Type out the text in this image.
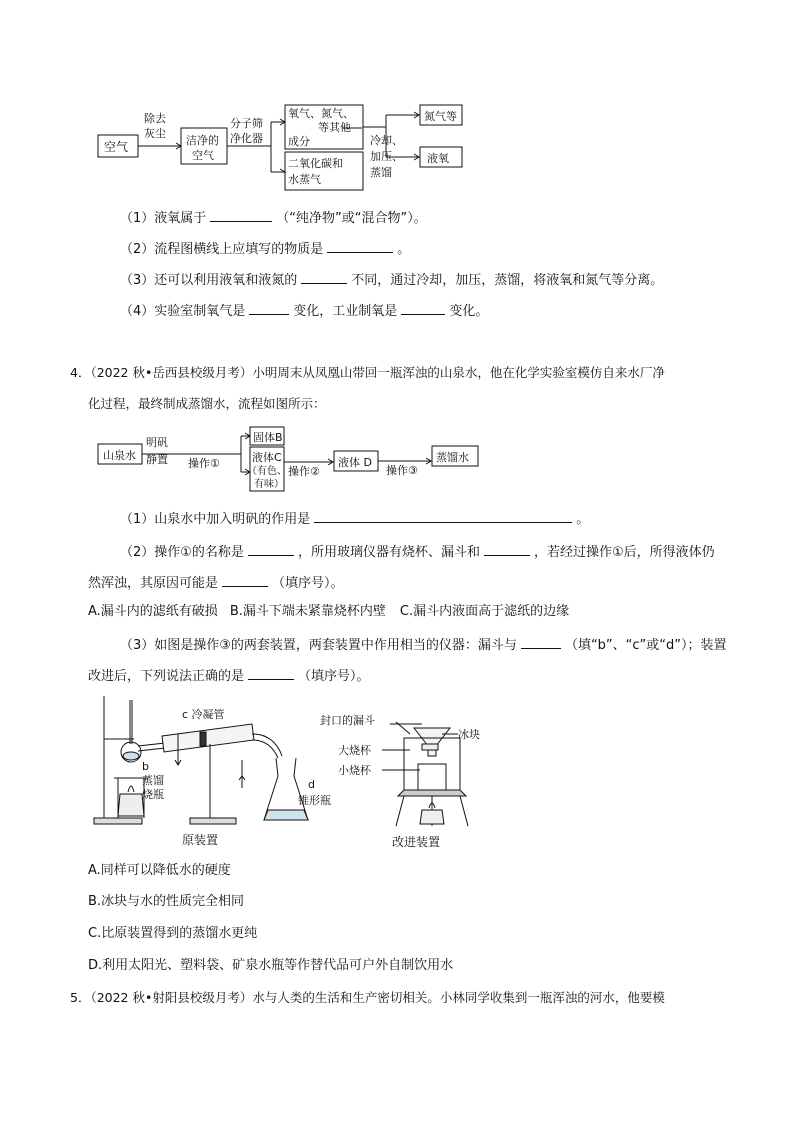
空气
除去
灰尘
洁净的
空气
分子筛
净化器
氧气、氮气、
等其他
成分
二氧化碳和
水蒸气
冷却、
加压、
蒸馏
氮气等
液氧
（1）液氧属于	（“纯净物”或“混合物”）。
（2）流程图横线上应填写的物质是	。
（3）还可以利用液氧和液氮的	不同，通过冷却，加压，蒸馏，将液氧和氮气等分离。
（4）实验室制氧气是	变化，工业制氧是	变化。
4．（2022 秋•岳西县校级月考）小明周末从凤凰山带回一瓶浑浊的山泉水，他在化学实验室模仿自来水厂净
化过程，最终制成蒸馏水，流程如图所示：
山泉水
明矾
静置 操作①
固体B
液体C
（有色、
有味）
操作②
液体 D
操作③
蒸馏水
（1）山泉水中加入明矾的作用是	。
（2）操作①的名称是	，所用玻璃仪器有烧杯、漏斗和	，若经过操作①后，所得液体仍
然浑浊，其原因可能是	（填序号）。
A.漏斗内的滤纸有破损 B.漏斗下端未紧靠烧杯内壁 C.漏斗内液面高于滤纸的边缘
（3）如图是操作③的两套装置，两套装置中作用相当的仪器：漏斗与	（填“b”、“c”或“d”）；装置
改进后，下列说法正确的是	（填序号）。
c 冷凝管
b
蒸馏
烧瓶
d
锥形瓶
原装置
封口的漏斗
冰块
大烧杯
小烧杯
改进装置
A.同样可以降低水的硬度
B.冰块与水的性质完全相同
C.比原装置得到的蒸馏水更纯
D.利用太阳光、塑料袋、矿泉水瓶等作替代品可户外自制饮用水
5．（2022 秋•射阳县校级月考）水与人类的生活和生产密切相关。小林同学收集到一瓶浑浊的河水，他要模
